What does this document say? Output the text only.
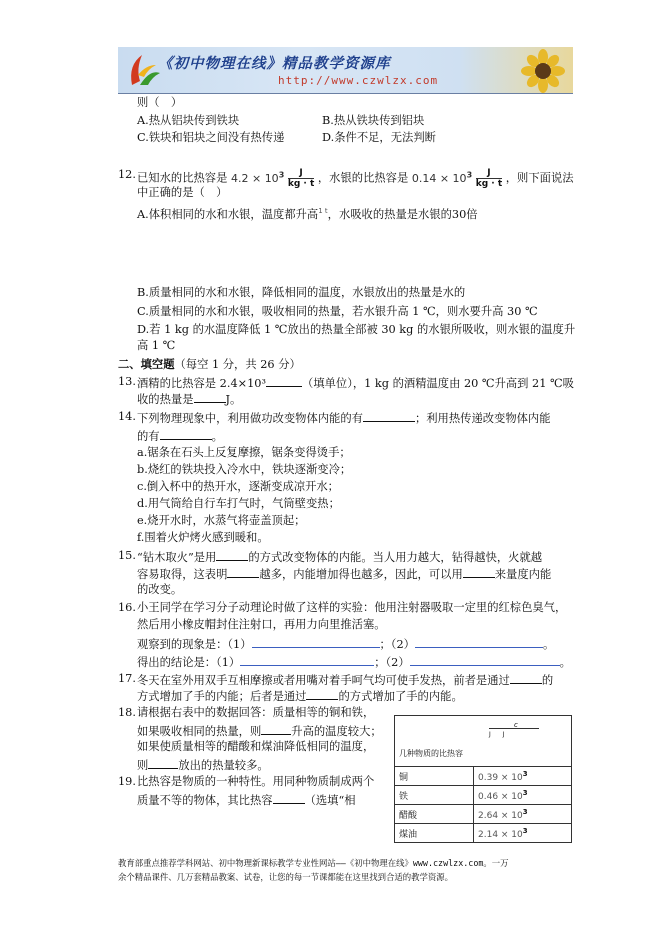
《初中物理在线》精品教学资源库
http://www.czwlzx.com
则（　）
A.热从铝块传到铁块	B.热从铁块传到铝块
C.铁块和铝块之间没有热传递	D.条件不足，无法判断
12. 已知水的比热容是 $4.2 \times 10^3 \frac{J}{kg \cdot t}$ ，水银的比热容是 $0.14 \times 10^3 \frac{J}{kg \cdot t}$ ，则下面说法
中正确的是（　）
A.体积相同的水和水银，温度都升高$^{1 t}$，水吸收的热量是水银的30倍
B.质量相同的水和水银，降低相同的温度，水银放出的热量是水的
C.质量相同的水和水银，吸收相同的热量，若水银升高 1 ℃，则水要升高 30 ℃
D.若 1 kg 的水温度降低 1 ℃放出的热量全部被 30 kg 的水银所吸收，则水银的温度升
高 1 ℃
二、填空题（每空 1 分，共 26 分）
13. 酒精的比热容是 2.4×10³	（填单位），1 kg 的酒精温度由 20 ℃升高到 21 ℃吸
收的热量是	J。
14. 下列物理现象中，利用做功改变物体内能的有	；利用热传递改变物体内能
的有	。
a.锯条在石头上反复摩擦，锯条变得烫手；
b.烧红的铁块投入冷水中，铁块逐渐变冷；
c.倒入杯中的热开水，逐渐变成凉开水；
d.用气筒给自行车打气时，气筒壁变热；
e.烧开水时，水蒸气将壶盖顶起；
f.围着火炉烤火感到暖和。
15. “钻木取火”是用	的方式改变物体的内能。当人用力越大，钻得越快，火就越
容易取得，这表明	越多，内能增加得也越多，因此，可以用	来量度内能
的改变。
16. 小王同学在学习分子动理论时做了这样的实验：他用注射器吸取一定里的红棕色臭气，
然后用小橡皮帽封住注射口，再用力向里推活塞。
观察到的现象是：（1）	；（2）	。
得出的结论是：（1）	；（2）	。
17. 冬天在室外用双手互相摩擦或者用嘴对着手呵气均可使手发热，前者是通过	的
方式增加了手的内能；后者是通过	的方式增加了手的内能。
18. 请根据右表中的数据回答：质量相等的铜和铁，
如果吸收相同的热量，则	升高的温度较大；
如果使质量相等的醋酸和煤油降低相同的温度，
则	放出的热量较多。
19. 比热容是物质的一种特性。用同种物质制成两个
质量不等的物体，其比热容	（选填“相
c
J　　J
几种物质的比热容	

铜	$0.39 \times 10^3$
铁	$0.46 \times 10^3$
醋酸	$2.64 \times 10^3$
煤油	$2.14 \times 10^3$
教育部重点推荐学科网站、初中物理新课标教学专业性网站——《初中物理在线》www.czwlzx.com。一万
余个精品课件、几万套精品教案、试卷，让您的每一节课都能在这里找到合适的教学资源。
